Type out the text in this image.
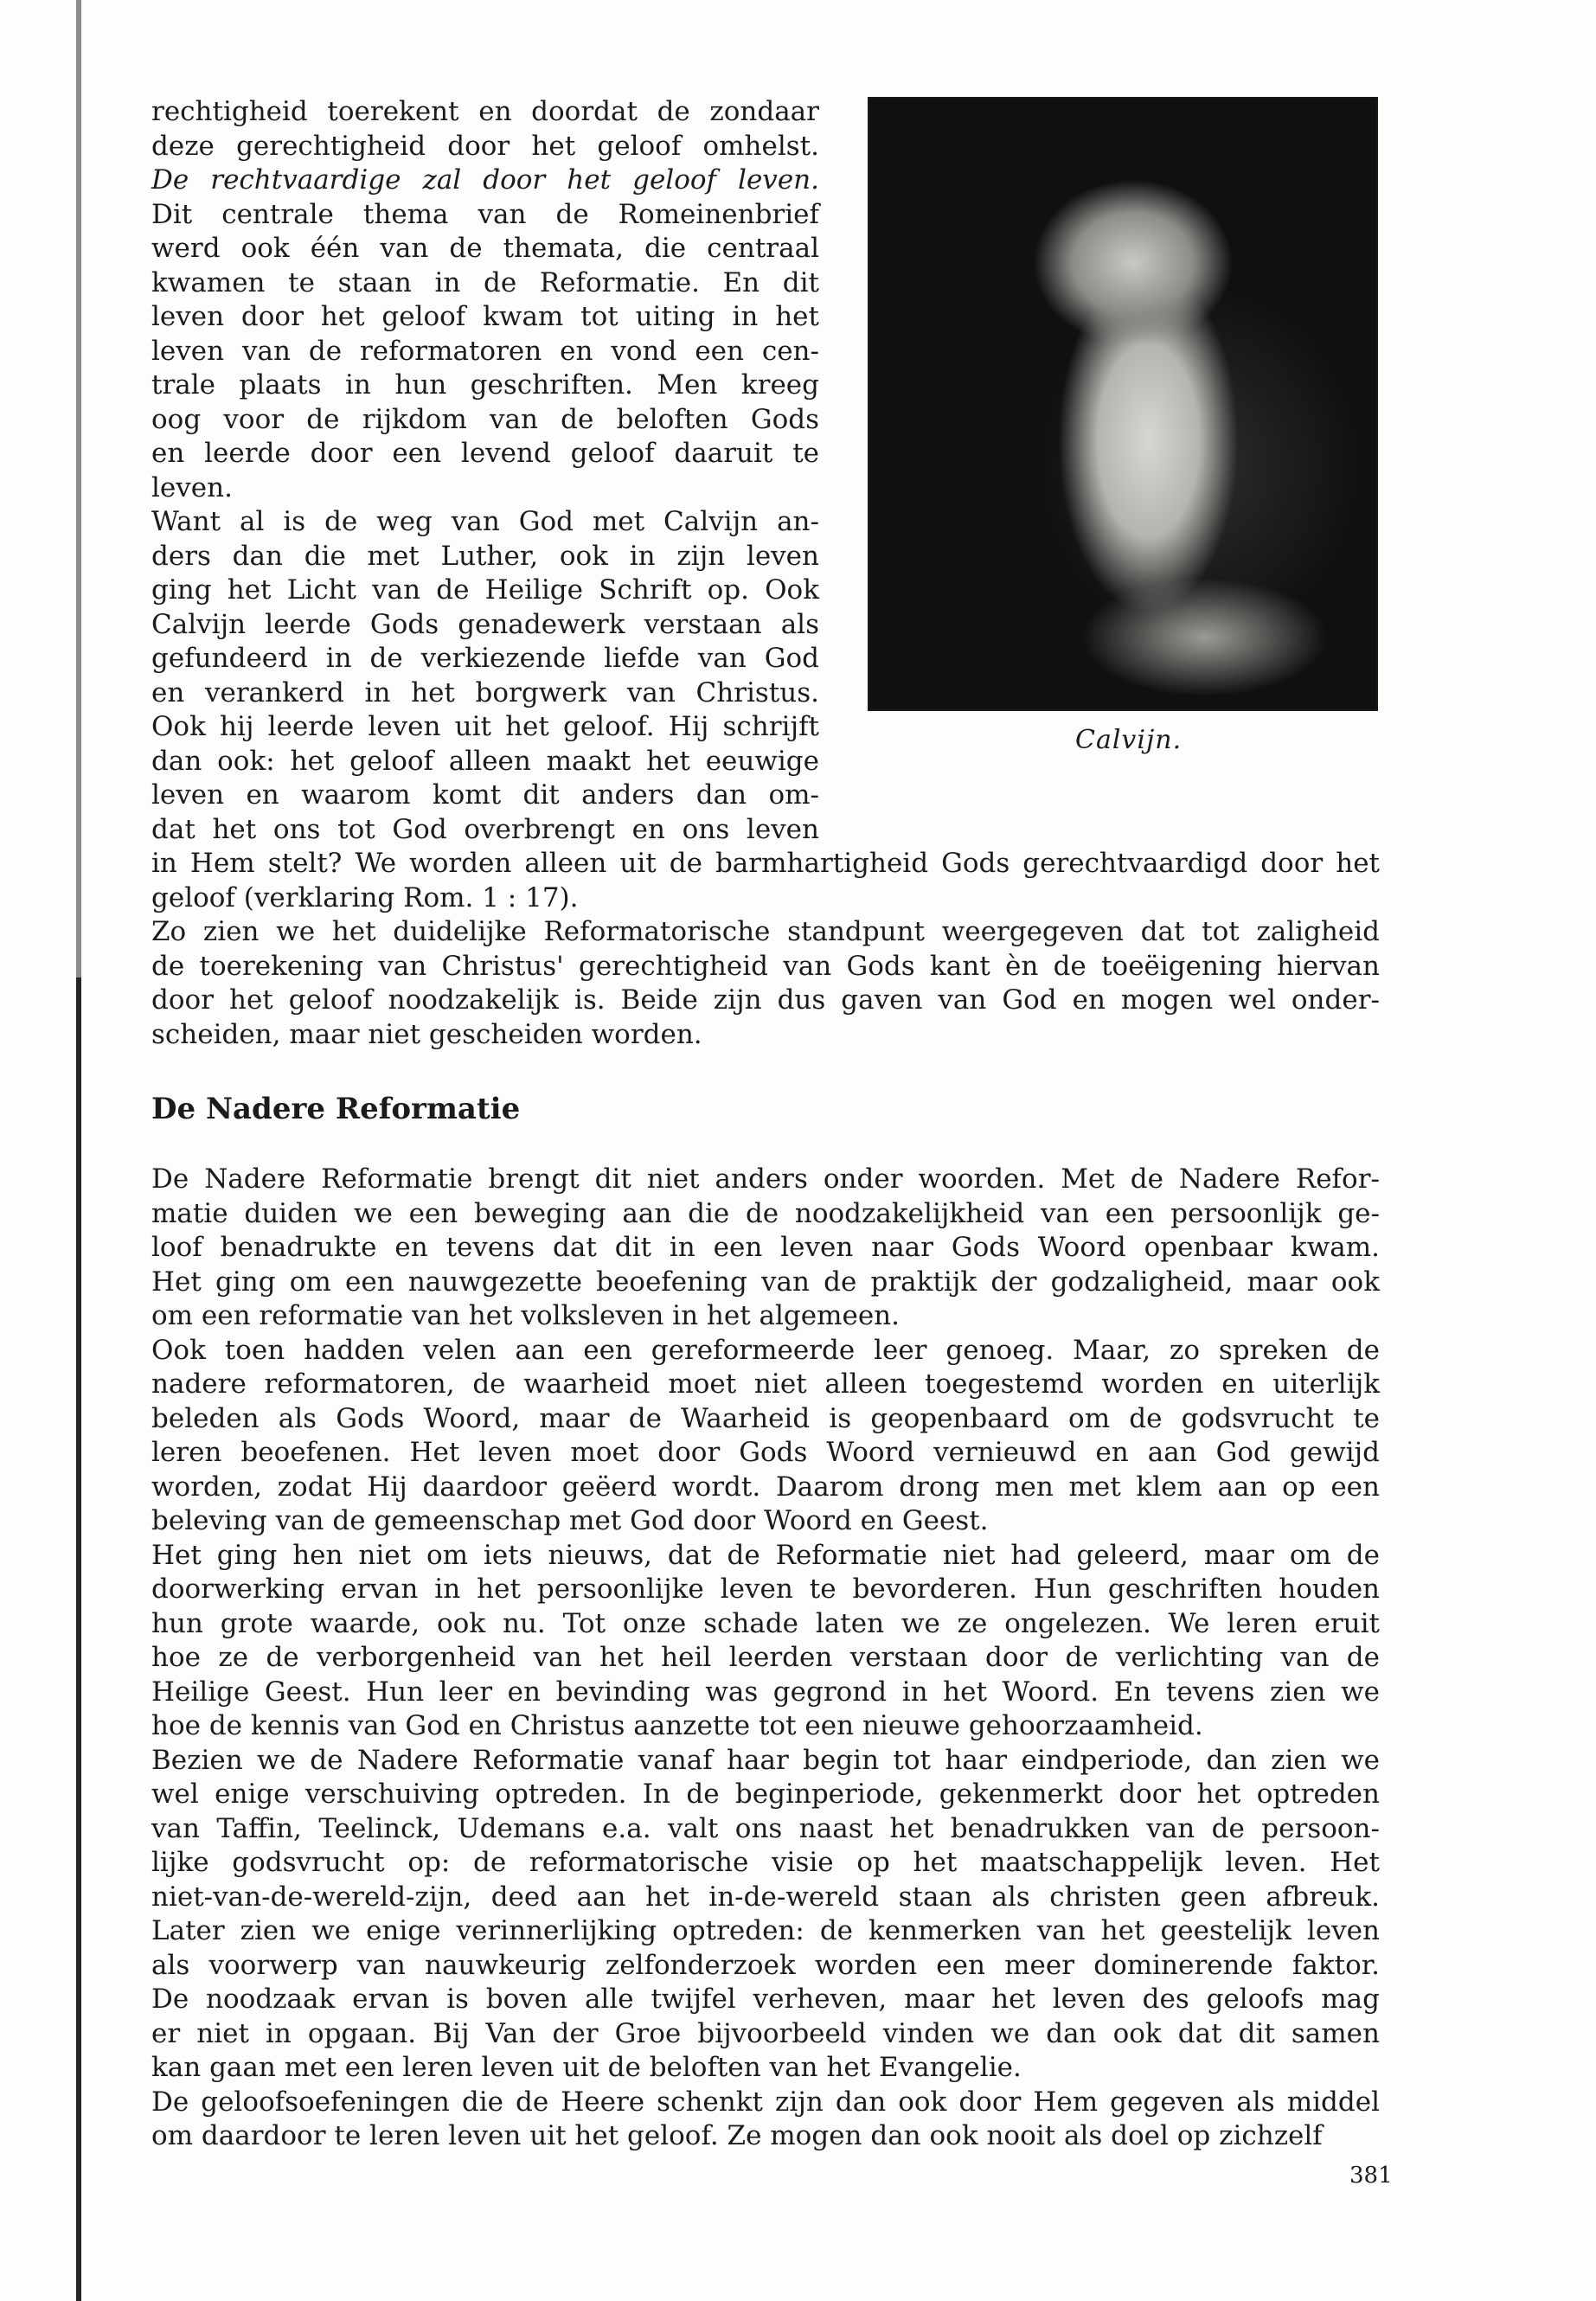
Calvijn.
rechtigheid toerekent en doordat de zondaar
deze gerechtigheid door het geloof omhelst.
De rechtvaardige zal door het geloof leven.
Dit centrale thema van de Romeinenbrief
werd ook één van de themata, die centraal
kwamen te staan in de Reformatie. En dit
leven door het geloof kwam tot uiting in het
leven van de reformatoren en vond een cen-
trale plaats in hun geschriften. Men kreeg
oog voor de rijkdom van de beloften Gods
en leerde door een levend geloof daaruit te
leven.
Want al is de weg van God met Calvijn an-
ders dan die met Luther, ook in zijn leven
ging het Licht van de Heilige Schrift op. Ook
Calvijn leerde Gods genadewerk verstaan als
gefundeerd in de verkiezende liefde van God
en verankerd in het borgwerk van Christus.
Ook hij leerde leven uit het geloof. Hij schrijft
dan ook: het geloof alleen maakt het eeuwige
leven en waarom komt dit anders dan om-
dat het ons tot God overbrengt en ons leven
in Hem stelt? We worden alleen uit de barmhartigheid Gods gerechtvaardigd door het
geloof (verklaring Rom. 1 : 17).
Zo zien we het duidelijke Reformatorische standpunt weergegeven dat tot zaligheid
de toerekening van Christus' gerechtigheid van Gods kant èn de toeëigening hiervan
door het geloof noodzakelijk is. Beide zijn dus gaven van God en mogen wel onder-
scheiden, maar niet gescheiden worden.
De Nadere Reformatie
De Nadere Reformatie brengt dit niet anders onder woorden. Met de Nadere Refor-
matie duiden we een beweging aan die de noodzakelijkheid van een persoonlijk ge-
loof benadrukte en tevens dat dit in een leven naar Gods Woord openbaar kwam.
Het ging om een nauwgezette beoefening van de praktijk der godzaligheid, maar ook
om een reformatie van het volksleven in het algemeen.
Ook toen hadden velen aan een gereformeerde leer genoeg. Maar, zo spreken de
nadere reformatoren, de waarheid moet niet alleen toegestemd worden en uiterlijk
beleden als Gods Woord, maar de Waarheid is geopenbaard om de godsvrucht te
leren beoefenen. Het leven moet door Gods Woord vernieuwd en aan God gewijd
worden, zodat Hij daardoor geëerd wordt. Daarom drong men met klem aan op een
beleving van de gemeenschap met God door Woord en Geest.
Het ging hen niet om iets nieuws, dat de Reformatie niet had geleerd, maar om de
doorwerking ervan in het persoonlijke leven te bevorderen. Hun geschriften houden
hun grote waarde, ook nu. Tot onze schade laten we ze ongelezen. We leren eruit
hoe ze de verborgenheid van het heil leerden verstaan door de verlichting van de
Heilige Geest. Hun leer en bevinding was gegrond in het Woord. En tevens zien we
hoe de kennis van God en Christus aanzette tot een nieuwe gehoorzaamheid.
Bezien we de Nadere Reformatie vanaf haar begin tot haar eindperiode, dan zien we
wel enige verschuiving optreden. In de beginperiode, gekenmerkt door het optreden
van Taffin, Teelinck, Udemans e.a. valt ons naast het benadrukken van de persoon-
lijke godsvrucht op: de reformatorische visie op het maatschappelijk leven. Het
niet-van-de-wereld-zijn, deed aan het in-de-wereld staan als christen geen afbreuk.
Later zien we enige verinnerlijking optreden: de kenmerken van het geestelijk leven
als voorwerp van nauwkeurig zelfonderzoek worden een meer dominerende faktor.
De noodzaak ervan is boven alle twijfel verheven, maar het leven des geloofs mag
er niet in opgaan. Bij Van der Groe bijvoorbeeld vinden we dan ook dat dit samen
kan gaan met een leren leven uit de beloften van het Evangelie.
De geloofsoefeningen die de Heere schenkt zijn dan ook door Hem gegeven als middel
om daardoor te leren leven uit het geloof. Ze mogen dan ook nooit als doel op zichzelf
381
